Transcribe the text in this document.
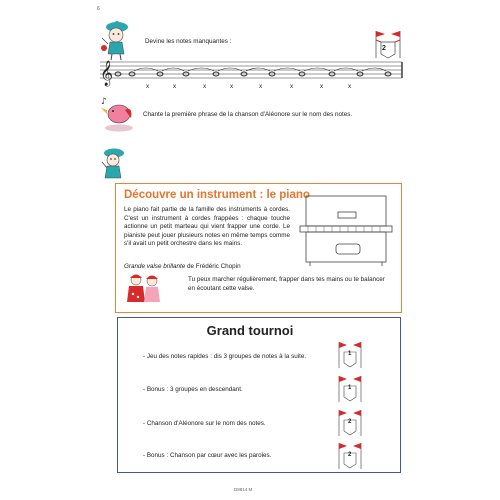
6
Devine les notes manquantes :
2
𝄞
x	x	x	x	x	x	x	x
♪
Chante la première phrase de la chanson d'Aléonore sur le nom des notes.
Découvre un instrument : le piano
Le piano fait partie de la famille des instruments à cordes. C'est un instrument à cordes frappées : chaque touche actionne un petit marteau qui vient frapper une corde. Le pianiste peut jouer plusieurs notes en même temps comme s'il avait un petit orchestre dans les mains.
Grande valse brillante de Frédéric Chopin
Tu peux marcher régulièrement, frapper dans tes mains ou te balancer en écoutant cette valse.
Grand tournoi
- Jeu des notes rapides : dis 3 groupes de notes à la suite.
- Bonus : 3 groupes en descendant.
- Chanson d'Aléonore sur le nom des notes.
- Bonus : Chanson par cœur avec les paroles.
1
1
2
2
D8814 M
